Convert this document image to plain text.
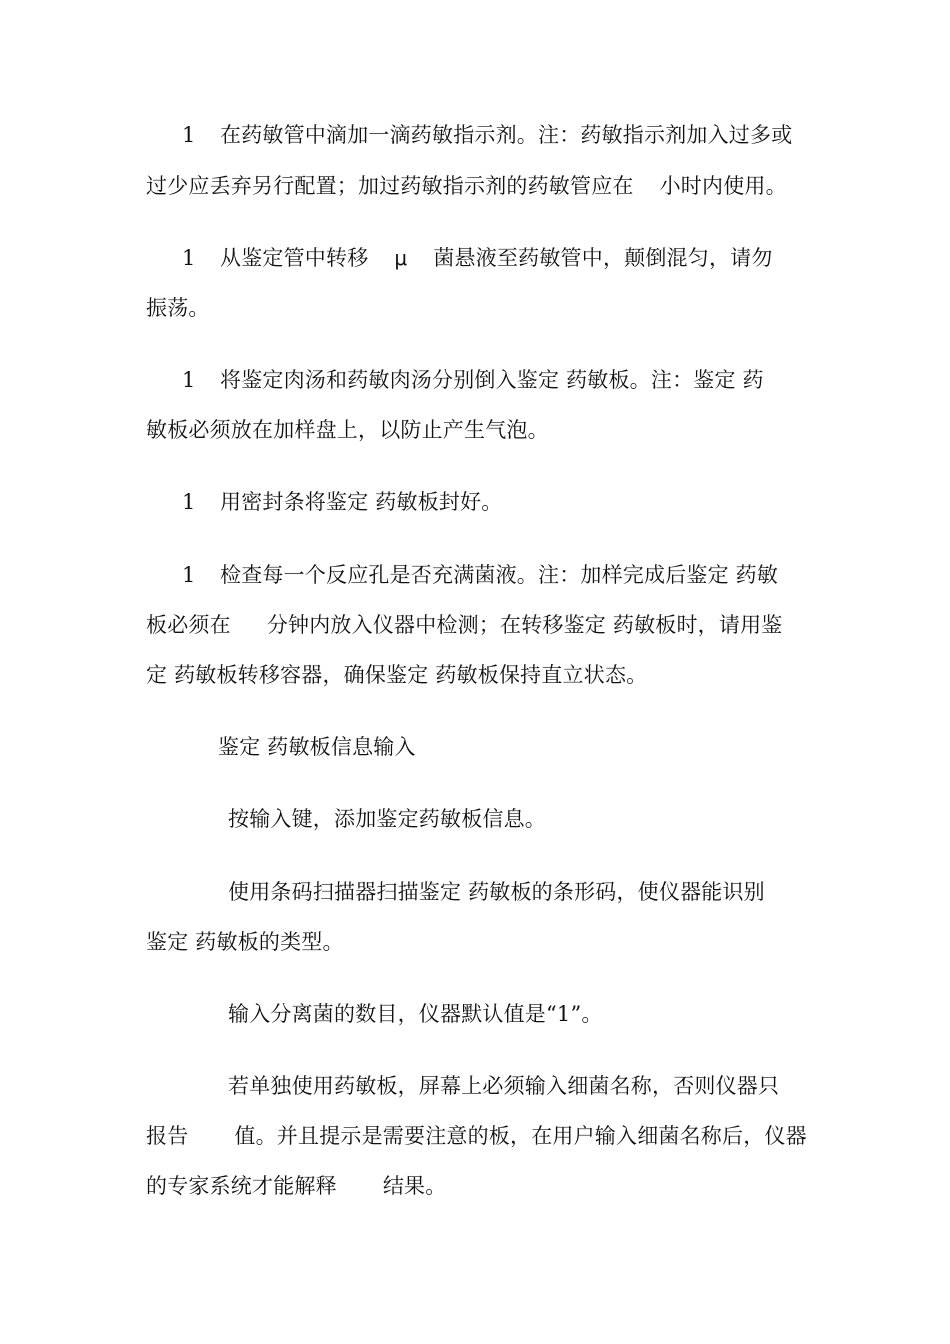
1 在药敏管中滴加一滴药敏指示剂。注：药敏指示剂加入过多或
过少应丢弃另行配置；加过药敏指示剂的药敏管应在 小时内使用。
1 从鉴定管中转移 μ 菌悬液至药敏管中，颠倒混匀，请勿
振荡。
1 将鉴定肉汤和药敏肉汤分别倒入鉴定 药敏板。注：鉴定 药
敏板必须放在加样盘上，以防止产生气泡。
1 用密封条将鉴定 药敏板封好。
1 检查每一个反应孔是否充满菌液。注：加样完成后鉴定 药敏
板必须在 分钟内放入仪器中检测；在转移鉴定 药敏板时，请用鉴
定 药敏板转移容器，确保鉴定 药敏板保持直立状态。
鉴定 药敏板信息输入
按输入键，添加鉴定药敏板信息。
使用条码扫描器扫描鉴定 药敏板的条形码，使仪器能识别
鉴定 药敏板的类型。
输入分离菌的数目，仪器默认值是“1”。
若单独使用药敏板，屏幕上必须输入细菌名称，否则仪器只
报告 值。并且提示是需要注意的板，在用户输入细菌名称后，仪器
的专家系统才能解释 结果。
